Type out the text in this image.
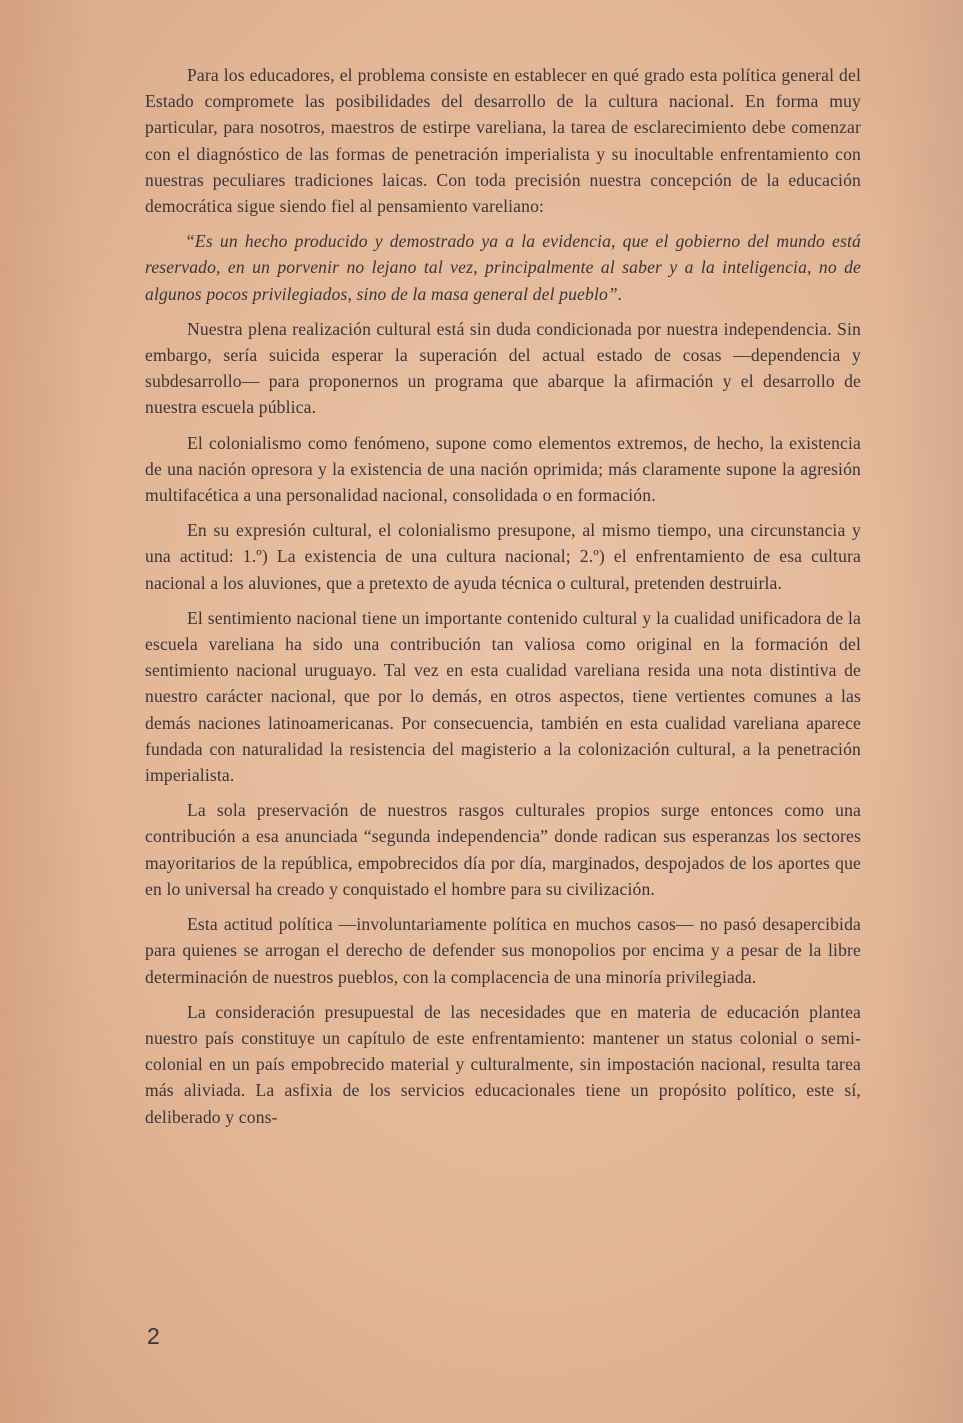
Para los educadores, el problema consiste en establecer en qué grado esta política general del Estado compromete las posibilidades del desarrollo de la cultura nacional. En forma muy particular, para nosotros, maestros de estirpe vareliana, la tarea de esclarecimiento debe comenzar con el diagnóstico de las formas de penetración imperialista y su inocultable enfrentamiento con nuestras peculiares tradiciones laicas. Con toda precisión nuestra concepción de la educación democrática sigue siendo fiel al pensamiento vareliano:

“Es un hecho producido y demostrado ya a la evidencia, que el gobierno del mundo está reservado, en un porvenir no lejano tal vez, principalmente al saber y a la inteligencia, no de algunos pocos privilegiados, sino de la masa general del pueblo”.

Nuestra plena realización cultural está sin duda condicionada por nuestra independencia. Sin embargo, sería suicida esperar la superación del actual estado de cosas —dependencia y subdesarrollo— para proponernos un programa que abarque la afirmación y el desarrollo de nuestra escuela pública.

El colonialismo como fenómeno, supone como elementos extremos, de hecho, la existencia de una nación opresora y la existencia de una nación oprimida; más claramente supone la agresión multifacética a una personalidad nacional, consolidada o en formación.

En su expresión cultural, el colonialismo presupone, al mismo tiempo, una circunstancia y una actitud: 1.º) La existencia de una cultura nacional; 2.º) el enfrentamiento de esa cultura nacional a los aluviones, que a pretexto de ayuda técnica o cultural, pretenden destruirla.

El sentimiento nacional tiene un importante contenido cultural y la cualidad unificadora de la escuela vareliana ha sido una contribución tan valiosa como original en la formación del sentimiento nacional uruguayo. Tal vez en esta cualidad vareliana resida una nota distintiva de nuestro carácter nacional, que por lo demás, en otros aspectos, tiene vertientes comunes a las demás naciones latinoamericanas. Por consecuencia, también en esta cualidad vareliana aparece fundada con naturalidad la resistencia del magisterio a la colonización cultural, a la penetración imperialista.

La sola preservación de nuestros rasgos culturales propios surge entonces como una contribución a esa anunciada “segunda independencia” donde radican sus esperanzas los sectores mayoritarios de la república, empobrecidos día por día, marginados, despojados de los aportes que en lo universal ha creado y conquistado el hombre para su civilización.

Esta actitud política —involuntariamente política en muchos casos— no pasó desapercibida para quienes se arrogan el derecho de defender sus monopolios por encima y a pesar de la libre determinación de nuestros pueblos, con la complacencia de una minoría privilegiada.

La consideración presupuestal de las necesidades que en materia de educación plantea nuestro país constituye un capítulo de este enfrentamiento: mantener un status colonial o semi-colonial en un país empobrecido material y culturalmente, sin impostación nacional, resulta tarea más aliviada. La asfixia de los servicios educacionales tiene un propósito político, este sí, deliberado y cons-

2
